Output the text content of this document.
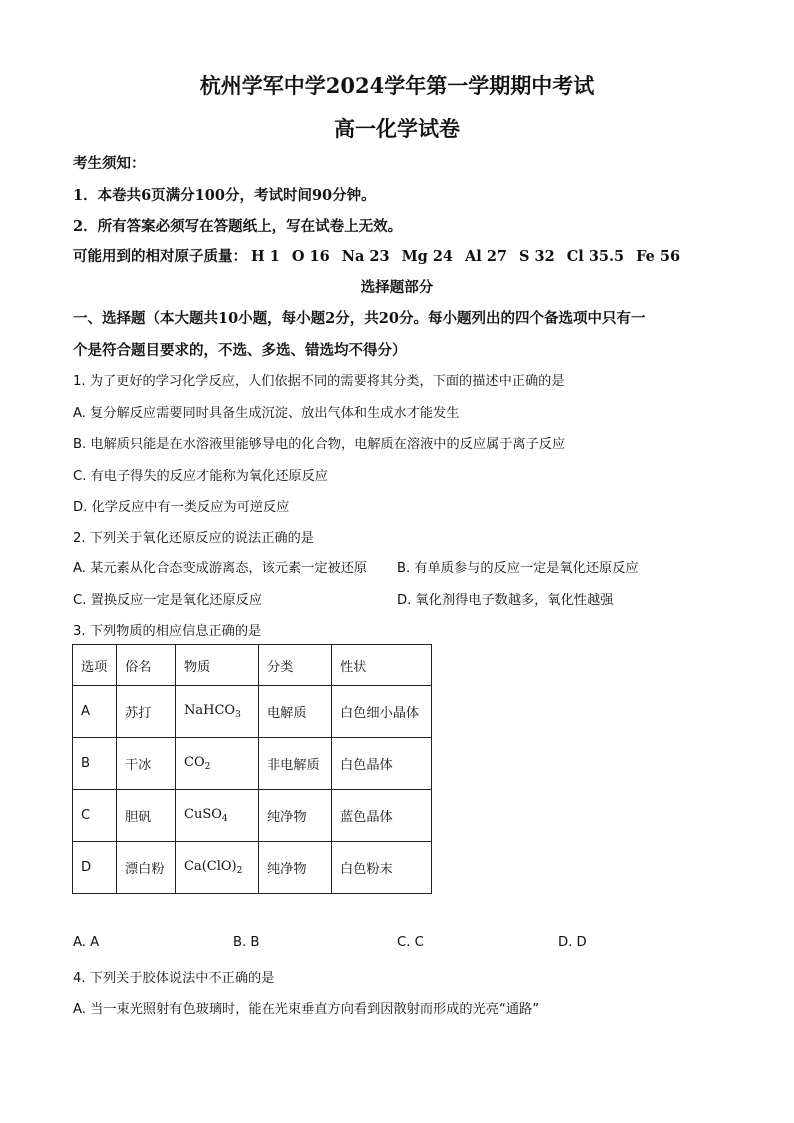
杭州学军中学2024学年第一学期期中考试
高一化学试卷
考生须知：
1．本卷共6页满分100分，考试时间90分钟。
2．所有答案必须写在答题纸上，写在试卷上无效。
可能用到的相对原子质量： H 1 O 16 Na 23 Mg 24 Al 27 S 32 Cl 35.5 Fe 56
选择题部分
一、选择题（本大题共10小题，每小题2分，共20分。每小题列出的四个备选项中只有一
个是符合题目要求的，不选、多选、错选均不得分）
1. 为了更好的学习化学反应，人们依据不同的需要将其分类，下面的描述中正确的是
A. 复分解反应需要同时具备生成沉淀、放出气体和生成水才能发生
B. 电解质只能是在水溶液里能够导电的化合物，电解质在溶液中的反应属于离子反应
C. 有电子得失的反应才能称为氧化还原反应
D. 化学反应中有一类反应为可逆反应
2. 下列关于氧化还原反应的说法正确的是
A. 某元素从化合态变成游离态，该元素一定被还原 B. 有单质参与的反应一定是氧化还原反应
C. 置换反应一定是氧化还原反应	D. 氧化剂得电子数越多，氧化性越强
3. 下列物质的相应信息正确的是
选项	俗名	物质	分类	性状
A	苏打	NaHCO$_3$	电解质	白色细小晶体
B	干冰	$CO_2$	非电解质	白色晶体
C	胆矾	CuSO$_4$	纯净物	蓝色晶体
D	漂白粉	$Ca(ClO)_2$	纯净物	白色粉末
A. A	B. B	C. C	D. D
4. 下列关于胶体说法中不正确的是
A. 当一束光照射有色玻璃时，能在光束垂直方向看到因散射而形成的光亮“通路”
